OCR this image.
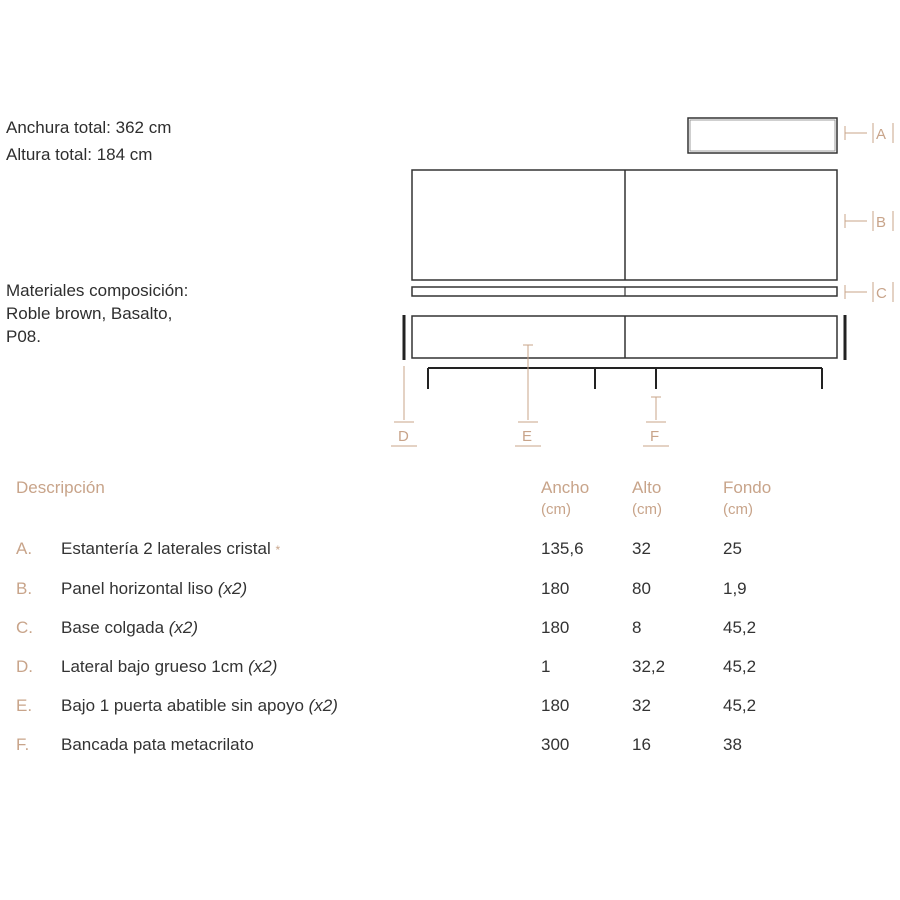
Anchura total: 362 cm
Altura total: 184 cm
Materiales composición:
Roble brown, Basalto,
P08.
A
B
C
D	E	F
Descripción	Ancho	Alto	Fondo
(cm)	(cm)	(cm)
A. Estantería 2 laterales cristal *	135,6	32	25
B. Panel horizontal liso (x2)	180	80	1,9
C. Base colgada (x2)	180	8	45,2
D. Lateral bajo grueso 1cm (x2)	1	32,2	45,2
E. Bajo 1 puerta abatible sin apoyo (x2)	180	32	45,2
F. Bancada pata metacrilato	300	16	38
